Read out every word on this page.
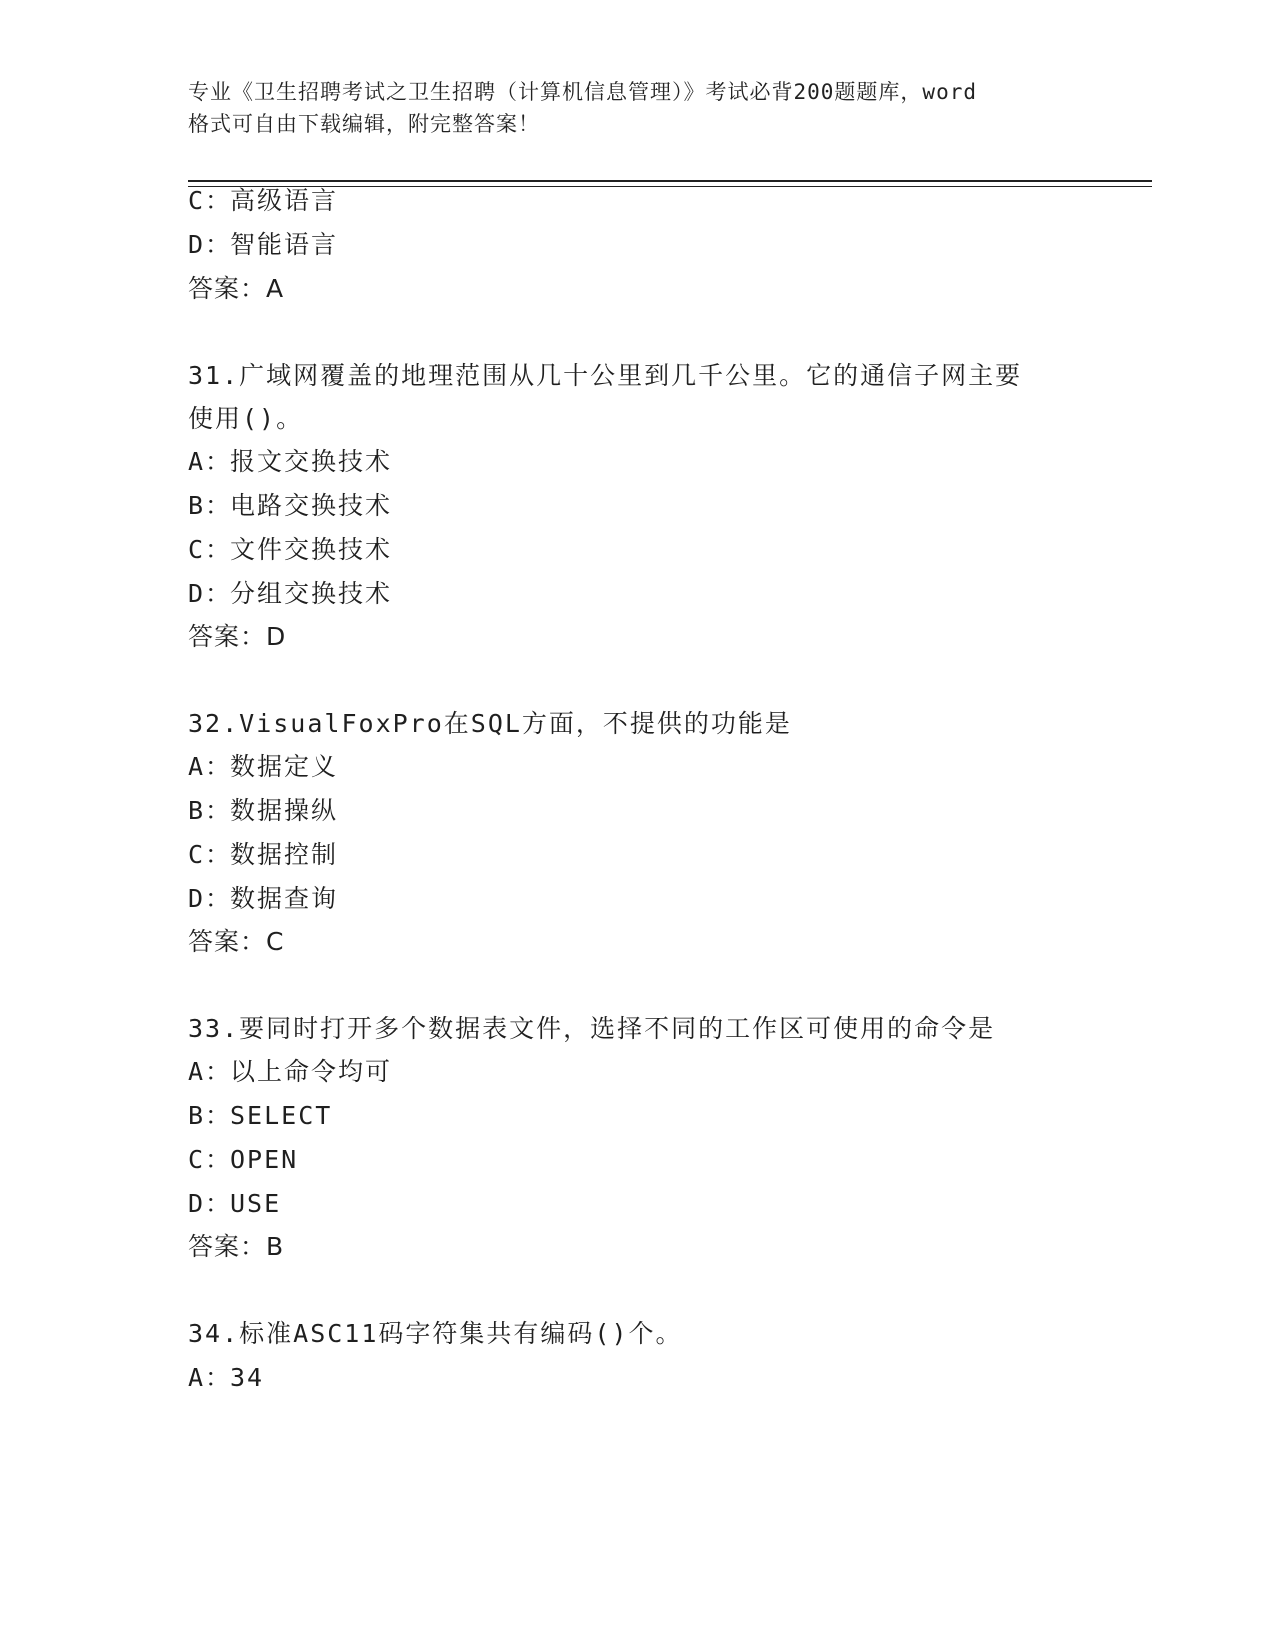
专业《卫生招聘考试之卫生招聘（计算机信息管理）》考试必背200题题库，word
格式可自由下载编辑，附完整答案！
C：高级语言
D：智能语言
答案：A
31.广域网覆盖的地理范围从几十公里到几千公里。它的通信子网主要
使用()。
A：报文交换技术
B：电路交换技术
C：文件交换技术
D：分组交换技术
答案：D
32.VisualFoxPro在SQL方面，不提供的功能是
A：数据定义
B：数据操纵
C：数据控制
D：数据查询
答案：C
33.要同时打开多个数据表文件，选择不同的工作区可使用的命令是
A：以上命令均可
B：SELECT
C：OPEN
D：USE
答案：B
34.标准ASC11码字符集共有编码()个。
A：34
